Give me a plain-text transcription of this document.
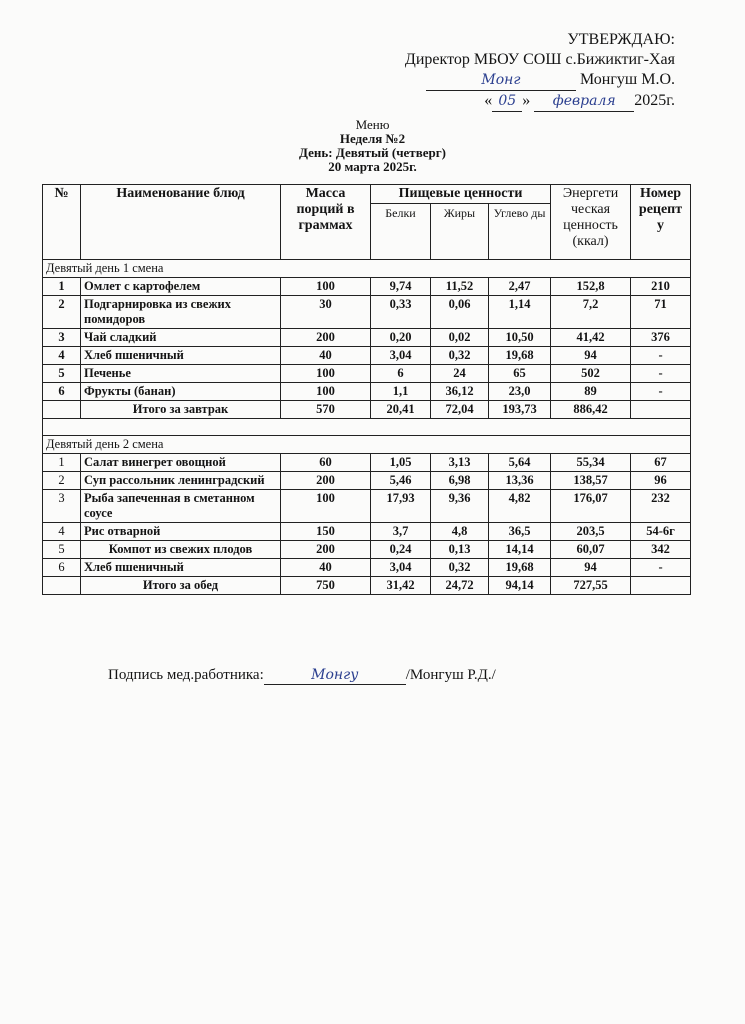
УТВЕРЖДАЮ:
Директор МБОУ СОШ с.Бижиктиг-Хая
Монг	Монгуш М.О.
« 05 » февраля 2025г.
Меню
Неделя №2
День: Девятый (четверг)
20 марта 2025г.
№	Наименование блюд	Масса порций в граммах	Пищевые ценности			Энергети ческая ценность (ккал)	Номер рецепт у
			Белки	Жиры	Углево ды		
Девятый день 1 смена							
1	Омлет с картофелем	100	9,74	11,52	2,47	152,8	210
2	Подгарнировка из свежих помидоров	30	0,33	0,06	1,14	7,2	71
3	Чай сладкий	200	0,20	0,02	10,50	41,42	376
4	Хлеб пшеничный	40	3,04	0,32	19,68	94	-
5	Печенье	100	6	24	65	502	-
6	Фрукты (банан)	100	1,1	36,12	23,0	89	-
	Итого за завтрак	570	20,41	72,04	193,73	886,42	

Девятый день 2 смена							
1	Салат винегрет овощной	60	1,05	3,13	5,64	55,34	67
2	Суп рассольник ленинградский	200	5,46	6,98	13,36	138,57	96
3	Рыба запеченная в сметанном соусе	100	17,93	9,36	4,82	176,07	232
4	Рис отварной	150	3,7	4,8	36,5	203,5	54-6г
5	Компот из свежих плодов	200	0,24	0,13	14,14	60,07	342
6	Хлеб пшеничный	40	3,04	0,32	19,68	94	-
	Итого за обед	750	31,42	24,72	94,14	727,55	
Подпись мед.работника:	Монгу	/Монгуш Р.Д./
